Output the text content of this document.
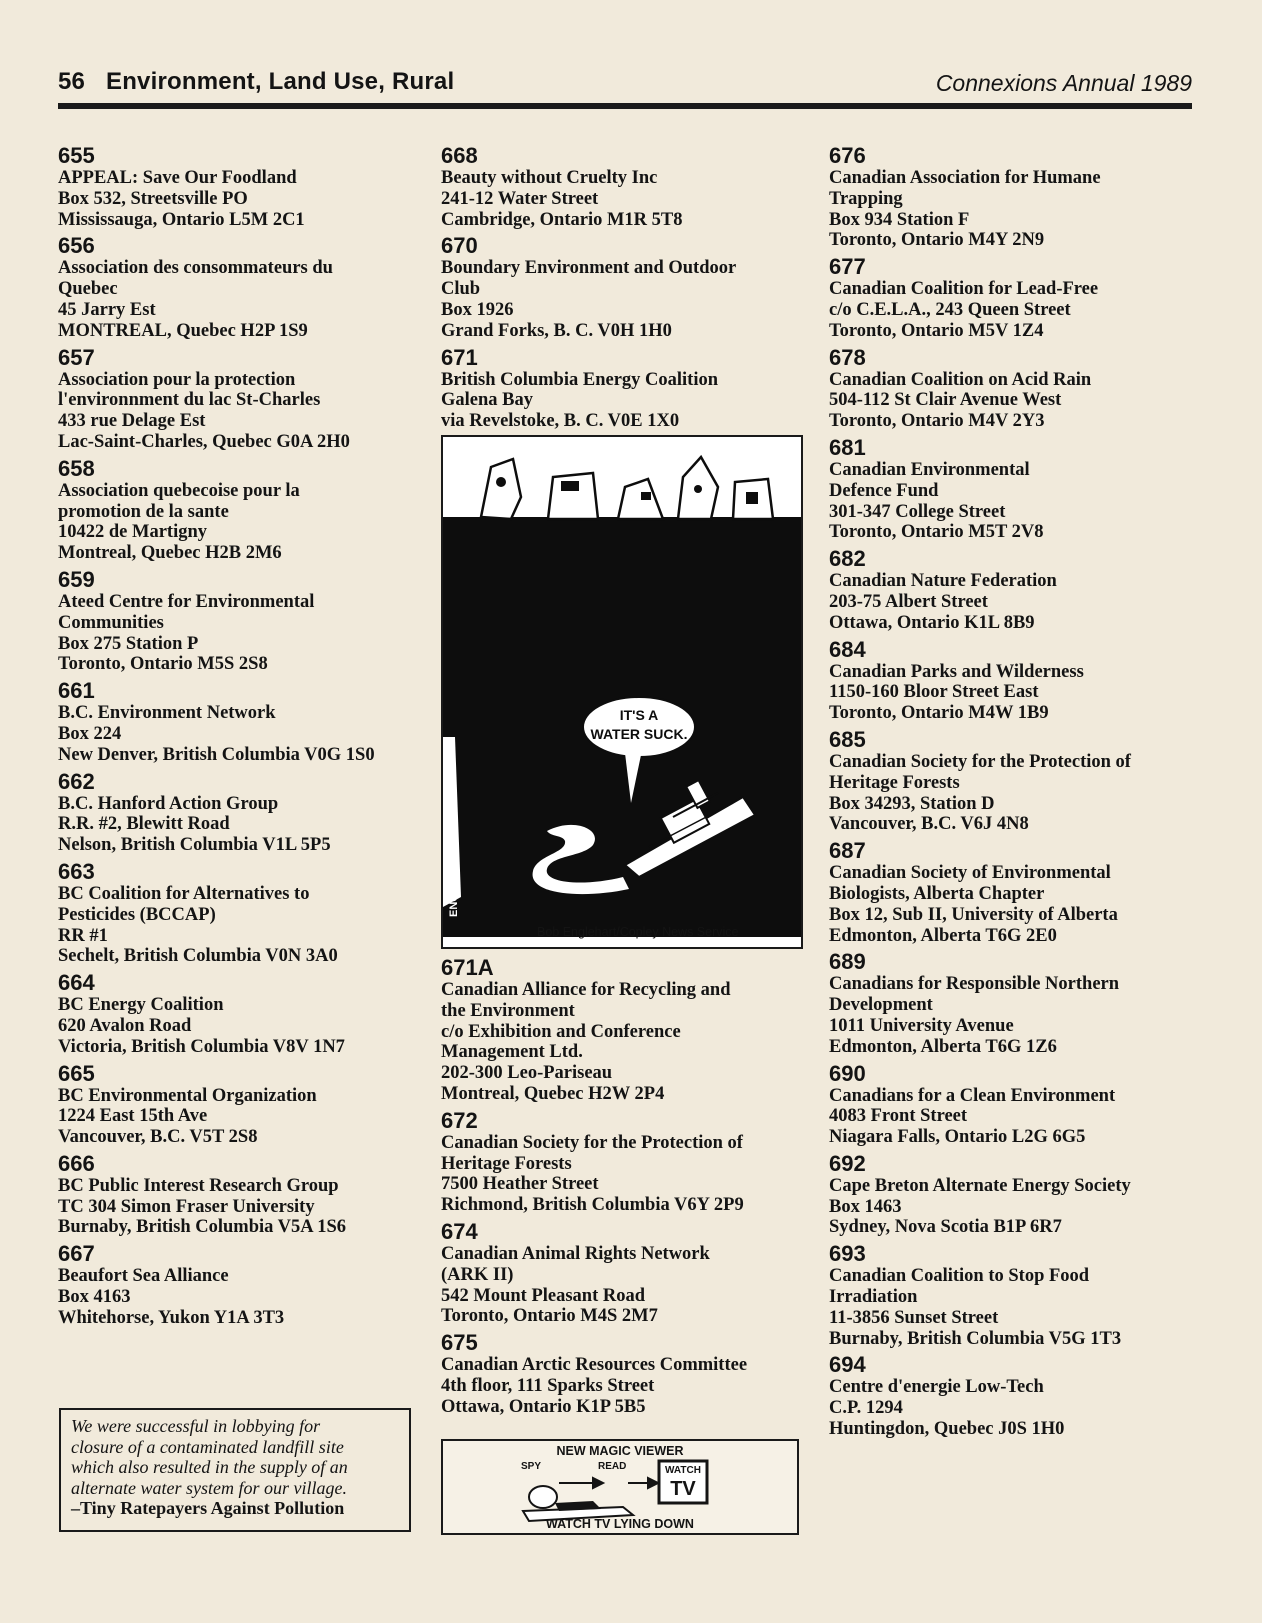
56 Environment, Land Use, Rural	Connexions Annual 1989
655
APPEAL: Save Our Foodland
Box 532, Streetsville PO
Mississauga, Ontario L5M 2C1
656
Association des consommateurs du
Quebec
45 Jarry Est
MONTREAL, Quebec H2P 1S9
657
Association pour la protection
l'environnment du lac St-Charles
433 rue Delage Est
Lac-Saint-Charles, Quebec G0A 2H0
658
Association quebecoise pour la
promotion de la sante
10422 de Martigny
Montreal, Quebec H2B 2M6
659
Ateed Centre for Environmental
Communities
Box 275 Station P
Toronto, Ontario M5S 2S8
661
B.C. Environment Network
Box 224
New Denver, British Columbia V0G 1S0
662
B.C. Hanford Action Group
R.R. #2, Blewitt Road
Nelson, British Columbia V1L 5P5
663
BC Coalition for Alternatives to
Pesticides (BCCAP)
RR #1
Sechelt, British Columbia V0N 3A0
664
BC Energy Coalition
620 Avalon Road
Victoria, British Columbia V8V 1N7
665
BC Environmental Organization
1224 East 15th Ave
Vancouver, B.C. V5T 2S8
666
BC Public Interest Research Group
TC 304 Simon Fraser University
Burnaby, British Columbia V5A 1S6
667
Beaufort Sea Alliance
Box 4163
Whitehorse, Yukon Y1A 3T3
668
Beauty without Cruelty Inc
241-12 Water Street
Cambridge, Ontario M1R 5T8
670
Boundary Environment and Outdoor
Club
Box 1926
Grand Forks, B. C. V0H 1H0
671
British Columbia Energy Coalition
Galena Bay
via Revelstoke, B. C. V0E 1X0
IT'S A
WATER SUCK.
ENGLEHART
Bob Englehart/Copley News Service
671A
Canadian Alliance for Recycling and
the Environment
c/o Exhibition and Conference
Management Ltd.
202-300 Leo-Pariseau
Montreal, Quebec H2W 2P4
672
Canadian Society for the Protection of
Heritage Forests
7500 Heather Street
Richmond, British Columbia V6Y 2P9
674
Canadian Animal Rights Network
(ARK II)
542 Mount Pleasant Road
Toronto, Ontario M4S 2M7
675
Canadian Arctic Resources Committee
4th floor, 111 Sparks Street
Ottawa, Ontario K1P 5B5
676
Canadian Association for Humane
Trapping
Box 934 Station F
Toronto, Ontario M4Y 2N9
677
Canadian Coalition for Lead-Free
c/o C.E.L.A., 243 Queen Street
Toronto, Ontario M5V 1Z4
678
Canadian Coalition on Acid Rain
504-112 St Clair Avenue West
Toronto, Ontario M4V 2Y3
681
Canadian Environmental
Defence Fund
301-347 College Street
Toronto, Ontario M5T 2V8
682
Canadian Nature Federation
203-75 Albert Street
Ottawa, Ontario K1L 8B9
684
Canadian Parks and Wilderness
1150-160 Bloor Street East
Toronto, Ontario M4W 1B9
685
Canadian Society for the Protection of
Heritage Forests
Box 34293, Station D
Vancouver, B.C. V6J 4N8
687
Canadian Society of Environmental
Biologists, Alberta Chapter
Box 12, Sub II, University of Alberta
Edmonton, Alberta T6G 2E0
689
Canadians for Responsible Northern
Development
1011 University Avenue
Edmonton, Alberta T6G 1Z6
690
Canadians for a Clean Environment
4083 Front Street
Niagara Falls, Ontario L2G 6G5
692
Cape Breton Alternate Energy Society
Box 1463
Sydney, Nova Scotia B1P 6R7
693
Canadian Coalition to Stop Food
Irradiation
11-3856 Sunset Street
Burnaby, British Columbia V5G 1T3
694
Centre d'energie Low-Tech
C.P. 1294
Huntingdon, Quebec J0S 1H0
We were successful in lobbying for
closure of a contaminated landfill site
which also resulted in the supply of an
alternate water system for our village.
–Tiny Ratepayers Against Pollution
NEW MAGIC VIEWER
SPY	READ	WATCH
TV
WATCH TV LYING DOWN
